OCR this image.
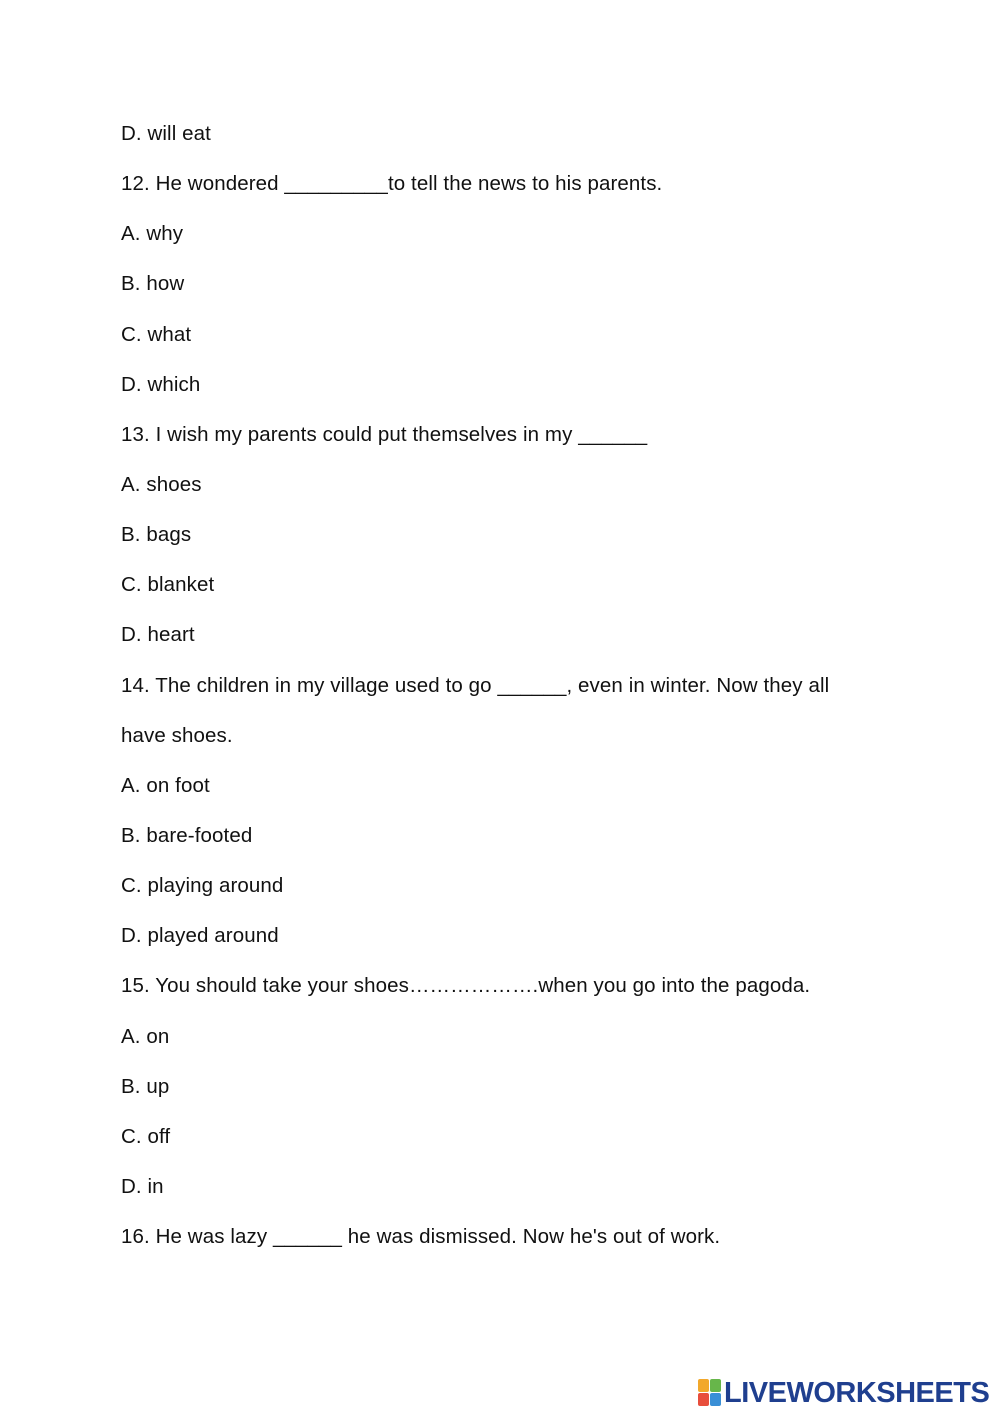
D. will eat
12. He wondered _________to tell the news to his parents.
A. why
B. how
C. what
D. which
13. I wish my parents could put themselves in my ______
A. shoes
B. bags
C. blanket
D. heart
14. The children in my village used to go ______, even in winter. Now they all
have shoes.
A. on foot
B. bare-footed
C. playing around
D. played around
15. You should take your shoes……………….when you go into the pagoda.
A. on
B. up
C. off
D. in
16. He was lazy ______ he was dismissed. Now he's out of work.
LIVEWORKSHEETS
